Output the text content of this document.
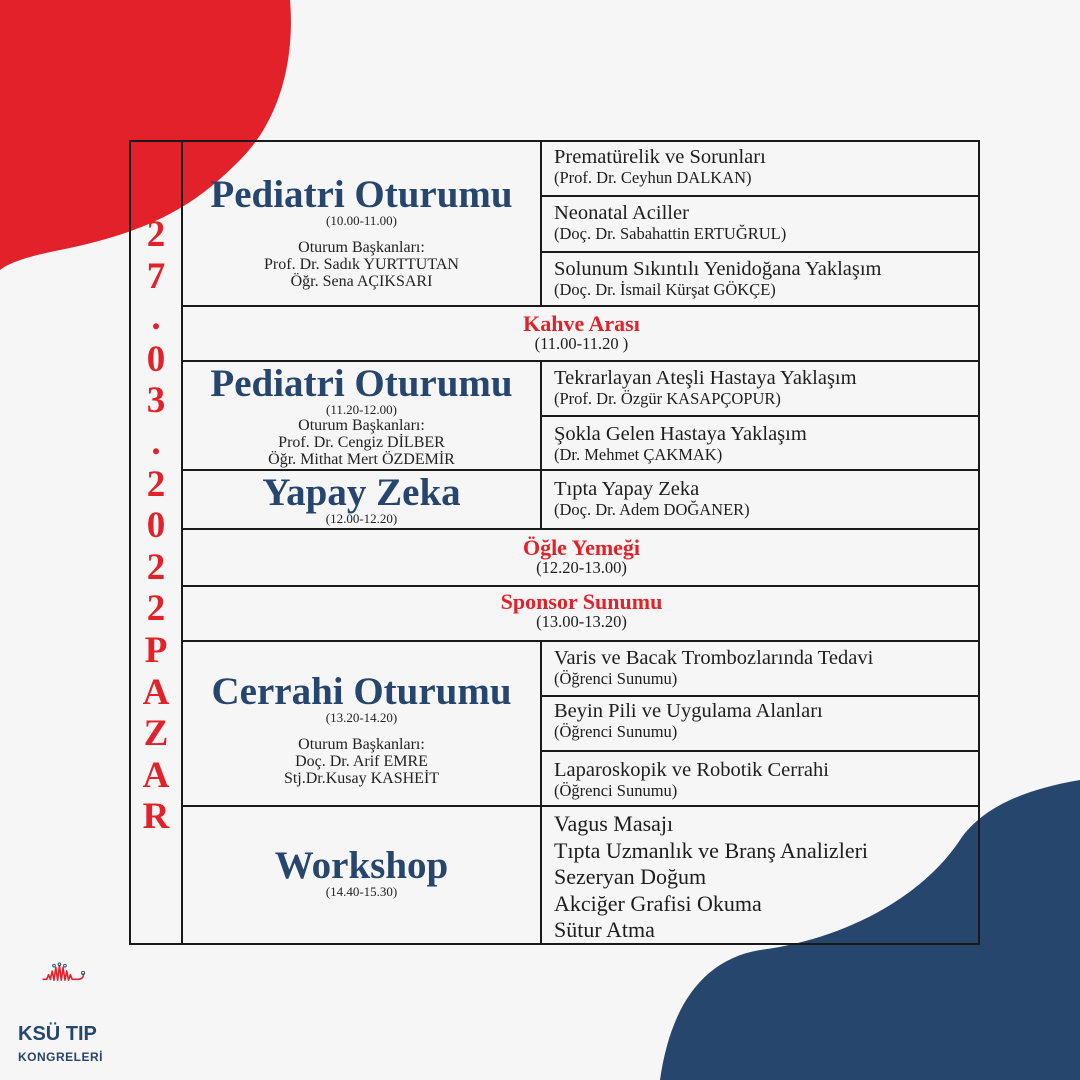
2
7
.
0
3
.
2
0
2
2
P
A
Z
A
R
Pediatri Oturumu
(10.00-11.00)
Oturum Başkanları:
Prof. Dr. Sadık YURTTUTAN
Öğr. Sena AÇIKSARI
Prematürelik ve Sorunları
(Prof. Dr. Ceyhun DALKAN)
Neonatal Aciller
(Doç. Dr. Sabahattin ERTUĞRUL)
Solunum Sıkıntılı Yenidoğana Yaklaşım
(Doç. Dr. İsmail Kürşat GÖKÇE)
Kahve Arası
(11.00-11.20 )
Pediatri Oturumu
(11.20-12.00)
Oturum Başkanları:
Prof. Dr. Cengiz DİLBER
Öğr. Mithat Mert ÖZDEMİR
Tekrarlayan Ateşli Hastaya Yaklaşım
(Prof. Dr. Özgür KASAPÇOPUR)
Şokla Gelen Hastaya Yaklaşım
(Dr. Mehmet ÇAKMAK)
Yapay Zeka
(12.00-12.20)
Tıpta Yapay Zeka
(Doç. Dr. Adem DOĞANER)
Öğle Yemeği
(12.20-13.00)
Sponsor Sunumu
(13.00-13.20)
Cerrahi Oturumu
(13.20-14.20)
Oturum Başkanları:
Doç. Dr. Arif EMRE
Stj.Dr.Kusay KASHEİT
Varis ve Bacak Trombozlarında Tedavi
(Öğrenci Sunumu)
Beyin Pili ve Uygulama Alanları
(Öğrenci Sunumu)
Laparoskopik ve Robotik Cerrahi
(Öğrenci Sunumu)
Workshop
(14.40-15.30)
Vagus Masajı
Tıpta Uzmanlık ve Branş Analizleri
Sezeryan Doğum
Akciğer Grafisi Okuma
Sütur Atma
KSÜ TIP
KONGRELERİ
